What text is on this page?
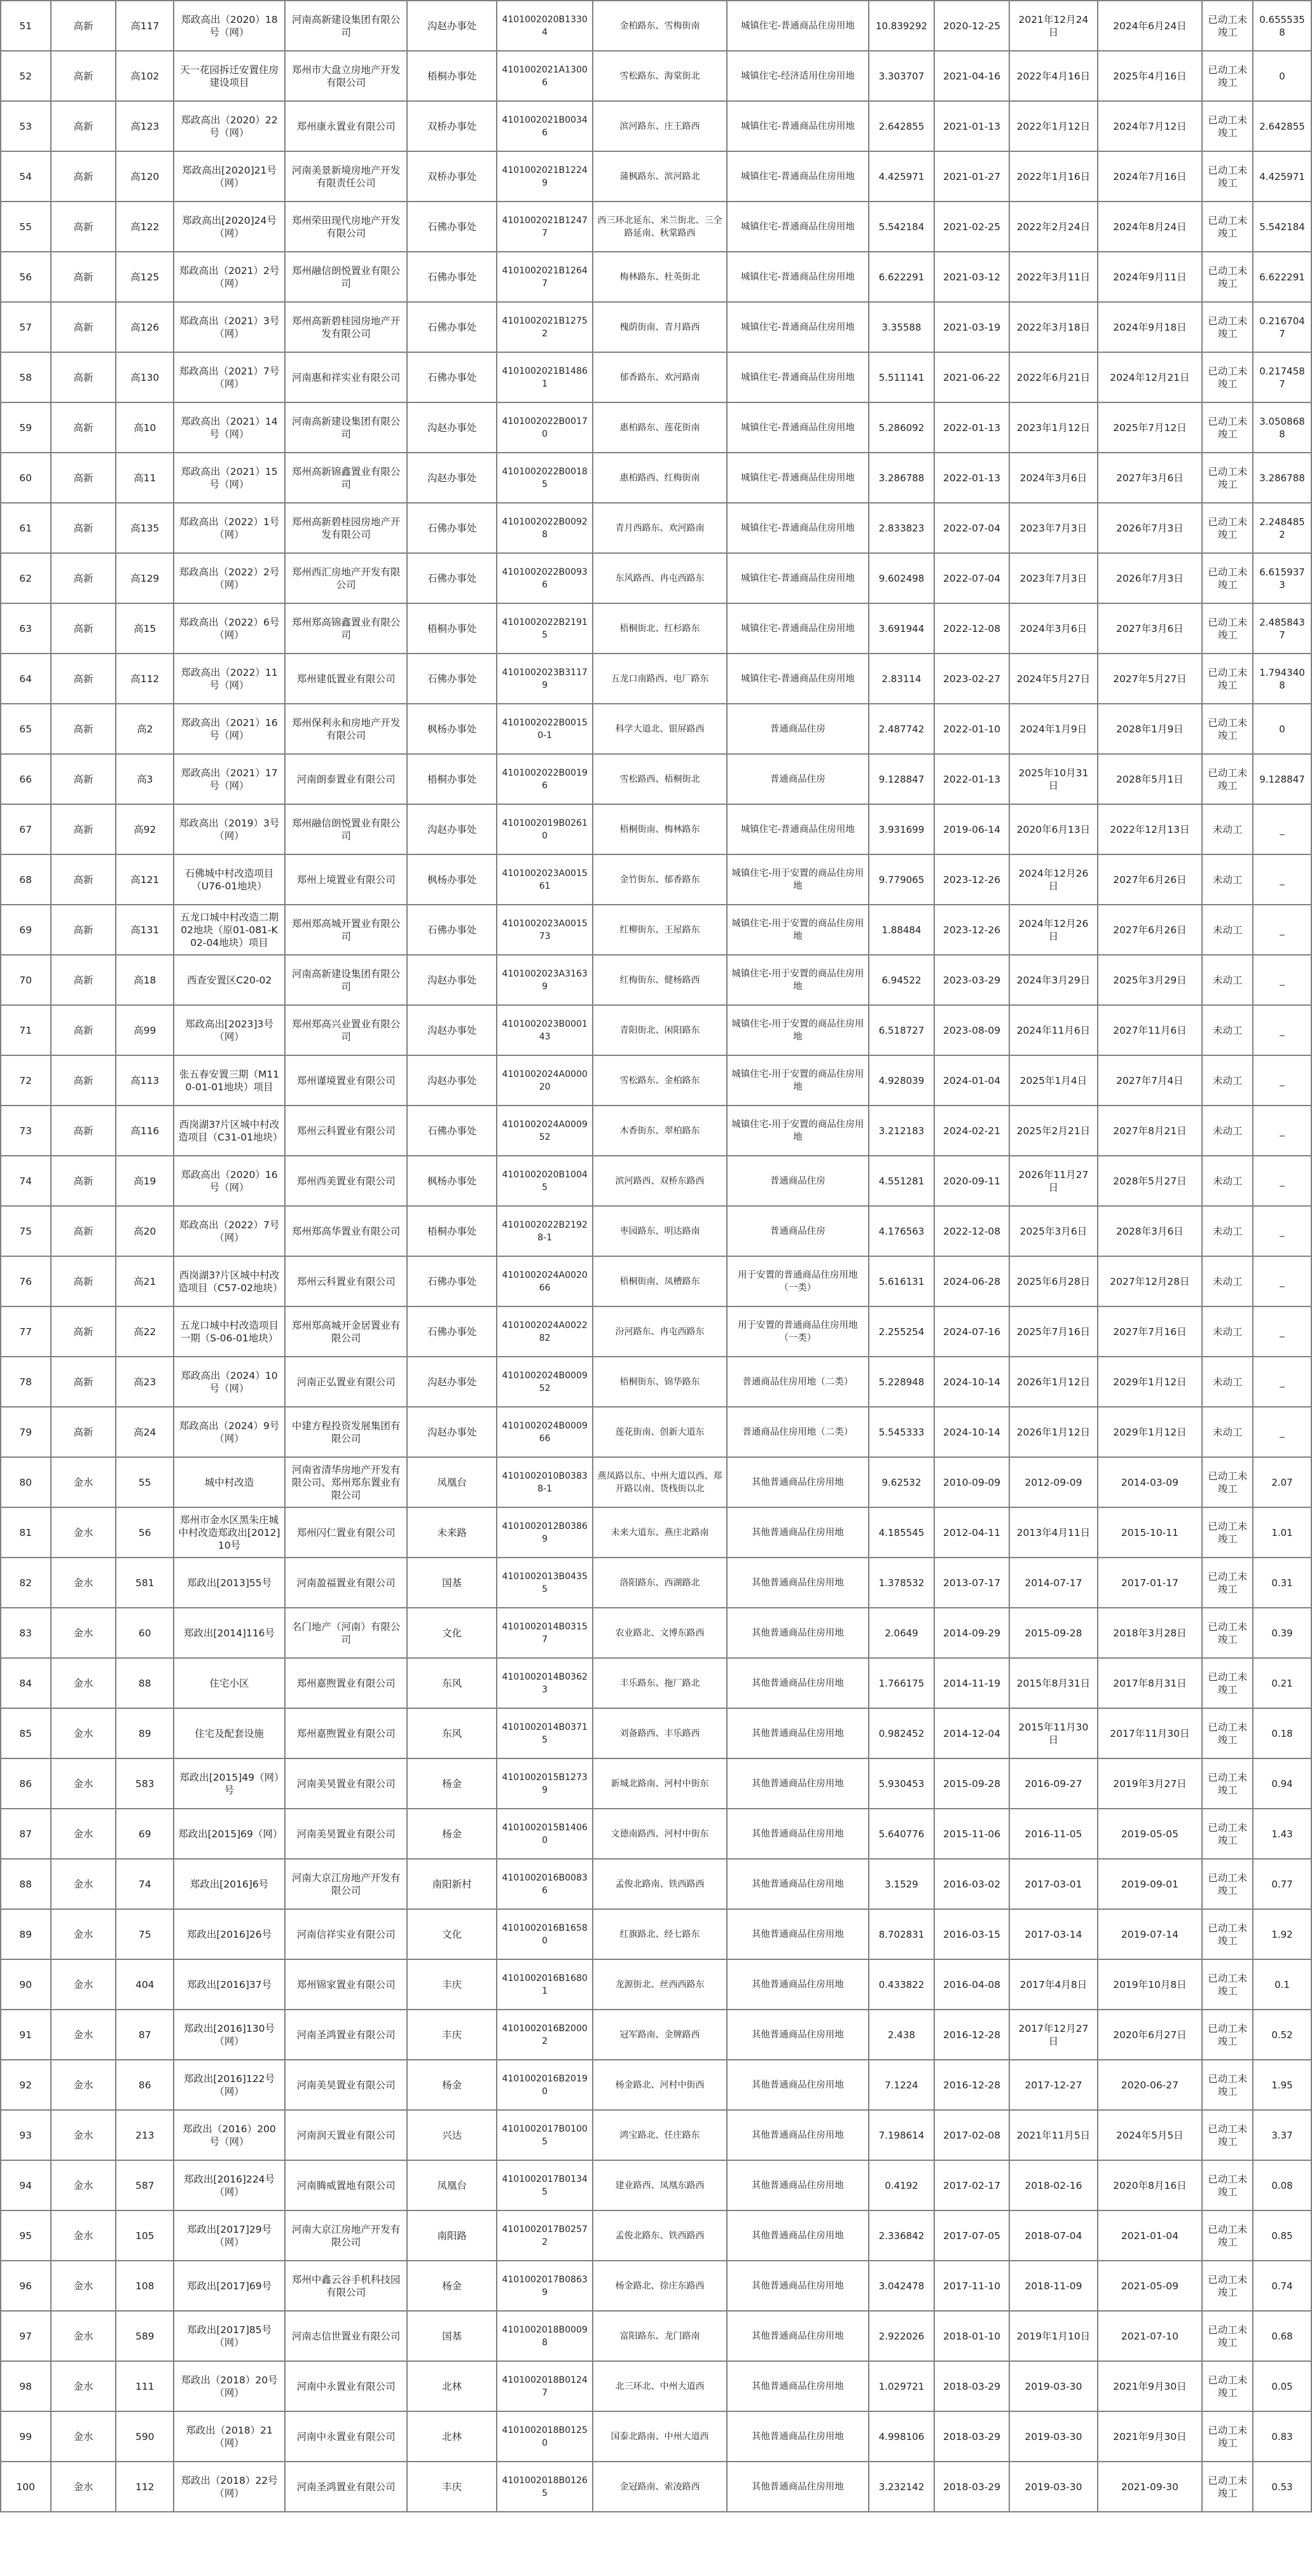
51	高新	高117	郑政高出（2020）18号（网）	河南高新建设集团有限公司	沟赵办事处	410100202​0B13304	金柏路东、雪梅街南	城镇住宅-普通商品住房用地	10.839292	2020-12-25	2021年12月24日	2024年6月24日	已动工未竣工	0.6555358
52	高新	高102	天一花园拆迁安置住房建设项目	郑州市大盘立房地产开发有限公司	梧桐办事处	410100202​1A13006	雪松路东、海棠街北	城镇住宅-经济适用住房用地	3.303707	2021-04-16	2022年4月16日	2025年4月16日	已动工未竣工	0
53	高新	高123	郑政高出（2020）22号（网）	郑州康永置业有限公司	双桥办事处	410100202​1B00346	滨河路东、庄王路西	城镇住宅-普通商品住房用地	2.642855	2021-01-13	2022年1月12日	2024年7月12日	已动工未竣工	2.642855
54	高新	高120	郑政高出[2020]21号（网）	河南美景新境房地产开发有限责任公司	双桥办事处	410100202​1B12249	蒲枫路东、滨河路北	城镇住宅-普通商品住房用地	4.425971	2021-01-27	2022年1月16日	2024年7月16日	已动工未竣工	4.425971
55	高新	高122	郑政高出[2020]24号（网）	郑州荣田现代房地产开发有限公司	石佛办事处	410100202​1B12477	西三环北延东、米兰街北、三全路延南、秋棠路西	城镇住宅-普通商品住房用地	5.542184	2021-02-25	2022年2月24日	2024年8月24日	已动工未竣工	5.542184
56	高新	高125	郑政高出（2021）2号（网）	郑州融信朗悦置业有限公司	石佛办事处	410100202​1B12647	梅林路东、杜英街北	城镇住宅-普通商品住房用地	6.622291	2021-03-12	2022年3月11日	2024年9月11日	已动工未竣工	6.622291
57	高新	高126	郑政高出（2021）3号（网）	郑州高新碧桂园房地产开发有限公司	石佛办事处	410100202​1B12752	槐荫街南、青月路西	城镇住宅-普通商品住房用地	3.35588	2021-03-19	2022年3月18日	2024年9月18日	已动工未竣工	0.2167047
58	高新	高130	郑政高出（2021）7号（网）	河南惠和祥实业有限公司	石佛办事处	410100202​1B14861	郁香路东、欢河路南	城镇住宅-普通商品住房用地	5.511141	2021-06-22	2022年6月21日	2024年12月21日	已动工未竣工	0.2174587
59	高新	高10	郑政高出（2021）14号（网）	河南高新建设集团有限公司	沟赵办事处	410100202​2B00170	惠柏路东、莲花街南	城镇住宅-普通商品住房用地	5.286092	2022-01-13	2023年1月12日	2025年7月12日	已动工未竣工	3.0508688
60	高新	高11	郑政高出（2021）15号（网）	郑州高新锦鑫置业有限公司	沟赵办事处	410100202​2B00185	惠柏路西、红梅街南	城镇住宅-普通商品住房用地	3.286788	2022-01-13	2024年3月6日	2027年3月6日	已动工未竣工	3.286788
61	高新	高135	郑政高出（2022）1号（网）	郑州高新碧桂园房地产开发有限公司	石佛办事处	410100202​2B00928	青月西路东、欢河路南	城镇住宅-普通商品住房用地	2.833823	2022-07-04	2023年7月3日	2026年7月3日	已动工未竣工	2.2484852
62	高新	高129	郑政高出（2022）2号（网）	郑州西汇房地产开发有限公司	石佛办事处	410100202​2B00936	东风路西、冉屯西路东	城镇住宅-普通商品住房用地	9.602498	2022-07-04	2023年7月3日	2026年7月3日	已动工未竣工	6.6159373
63	高新	高15	郑政高出（2022）6号（网）	郑州郑高锦鑫置业有限公司	梧桐办事处	410100202​2B21915	梧桐街北、红杉路东	城镇住宅-普通商品住房用地	3.691944	2022-12-08	2024年3月6日	2027年3月6日	已动工未竣工	2.4858437
64	高新	高112	郑政高出（2022）11号（网）	郑州建低置业有限公司	石佛办事处	410100202​3B31179	五龙口南路西、电厂路东	城镇住宅-普通商品住房用地	2.83114	2023-02-27	2024年5月27日	2027年5月27日	已动工未竣工	1.7943408
65	高新	高2	郑政高出（2021）16号（网）	郑州保利永和房地产开发有限公司	枫杨办事处	410100202​2B00150-1	科学大道北、银屏路西	普通商品住房	2.487742	2022-01-10	2024年1月9日	2028年1月9日	已动工未竣工	0
66	高新	高3	郑政高出（2021）17号（网）	河南朗泰置业有限公司	梧桐办事处	410100202​2B00196	雪松路西、梧桐街北	普通商品住房	9.128847	2022-01-13	2025年10月31日	2028年5月1日	已动工未竣工	9.128847
67	高新	高92	郑政高出（2019）3号（网）	郑州融信朗悦置业有限公司	沟赵办事处	410100201​9B02610	梧桐街南、梅林路东	城镇住宅-普通商品住房用地	3.931699	2019-06-14	2020年6月13日	2022年12月13日	未动工	_
68	高新	高121	石佛城中村改造项目（U76-01地块）	郑州上境置业有限公司	枫杨办事处	410100202​3A001561	金竹街东、郁香路东	城镇住宅-用于安置的商品住房用地	9.779065	2023-12-26	2024年12月26日	2027年6月26日	未动工	_
69	高新	高131	五龙口城中村改造二期02地块（原01-081-K02-04地块）项目	郑州郑高城开置业有限公司	石佛办事处	410100202​3A001573	红柳街东、王屋路东	城镇住宅-用于安置的商品住房用地	1.88484	2023-12-26	2024年12月26日	2027年6月26日	未动工	_
70	高新	高18	西查安置区C20-02	河南高新建设集团有限公司	沟赵办事处	410100202​3A31639	红梅街东、健杨路西	城镇住宅-用于安置的商品住房用地	6.94522	2023-03-29	2024年3月29日	2025年3月29日	未动工	_
71	高新	高99	郑政高出[2023]3号（网）	郑州郑高兴业置业有限公司	沟赵办事处	410100202​3B000143	青阳街北、闲阳路东	城镇住宅-用于安置的商品住房用地	6.518727	2023-08-09	2024年11月6日	2027年11月6日	未动工	_
72	高新	高113	张五春安置三期（M110-01-01地块）项目	郑州谨境置业有限公司	沟赵办事处	410100202​4A000020	雪松路东、金柏路东	城镇住宅-用于安置的商品住房用地	4.928039	2024-01-04	2025年1月4日	2027年7月4日	未动工	_
73	高新	高116	西岗湖3?片区城中村改造项目（C31-01地块）	郑州云科置业有限公司	石佛办事处	410100202​4A000952	木香街东、翠柏路东	城镇住宅-用于安置的商品住房用地	3.212183	2024-02-21	2025年2月21日	2027年8月21日	未动工	_
74	高新	高19	郑政高出（2020）16号（网）	郑州西美置业有限公司	枫杨办事处	410100202​0B10045	滨河路西、双桥东路西	普通商品住房	4.551281	2020-09-11	2026年11月27日	2028年5月27日	未动工	_
75	高新	高20	郑政高出（2022）7号（网）	郑州郑高华置业有限公司	梧桐办事处	410100202​2B21928-1	枣园路东、明达路南	普通商品住房	4.176563	2022-12-08	2025年3月6日	2028年3月6日	未动工	_
76	高新	高21	西岗湖3?片区城中村改造项目（C57-02地块）	郑州云科置业有限公司	石佛办事处	410100202​4A002066	梧桐街南、凤槽路东	用于安置的普通商品住房用地（一类）	5.616131	2024-06-28	2025年6月28日	2027年12月28日	未动工	_
77	高新	高22	五龙口城中村改造项目一期（S-06-01地块）	郑州郑高城开金居置业有限公司	石佛办事处	410100202​4A002282	汾河路东、冉屯西路东	用于安置的普通商品住房用地（一类）	2.255254	2024-07-16	2025年7月16日	2027年7月16日	未动工	_
78	高新	高23	郑政高出（2024）10号（网）	河南正弘置业有限公司	沟赵办事处	410100202​4B000952	梧桐街东、锦华路东	普通商品住房用地（二类）	5.228948	2024-10-14	2026年1月12日	2029年1月12日	未动工	_
79	高新	高24	郑政高出（2024）9号（网）	中建方程投资发展集团有限公司	沟赵办事处	410100202​4B000966	莲花街南、创新大道东	普通商品住房用地（二类）	5.545333	2024-10-14	2026年1月12日	2029年1月12日	未动工	_
80	金水	55	城中村改造	河南省清华房地产开发有限公司、郑州郑东置业有限公司	凤凰台	410100201​0B03838-1	燕凤路以东、中州大道以西、郑开路以南、货栈街以北	其他普通商品住房用地	9.62532	2010-09-09	2012-09-09	2014-03-09	已动工未竣工	2.07
81	金水	56	郑州市金水区黑朱庄城中村改造郑政出[2012]10号	郑州闪仁置业有限公司	未来路	410100201​2B03869	未来大道东、燕庄北路南	其他普通商品住房用地	4.185545	2012-04-11	2013年4月11日	2015-10-11	已动工未竣工	1.01
82	金水	581	郑政出[2013]55号	河南盈福置业有限公司	国基	410100201​3B04355	洛阳路东、西湖路北	其他普通商品住房用地	1.378532	2013-07-17	2014-07-17	2017-01-17	已动工未竣工	0.31
83	金水	60	郑政出[2014]116号	名门地产（河南）有限公司	文化	410100201​4B03157	农业路北、文博东路西	其他普通商品住房用地	2.0649	2014-09-29	2015-09-28	2018年3月28日	已动工未竣工	0.39
84	金水	88	住宅小区	郑州嘉煦置业有限公司	东风	410100201​4B03623	丰乐路东、拖厂路北	其他普通商品住房用地	1.766175	2014-11-19	2015年8月31日	2017年8月31日	已动工未竣工	0.21
85	金水	89	住宅及配套设施	郑州嘉煦置业有限公司	东风	410100201​4B03715	刘备路西、丰乐路西	其他普通商品住房用地	0.982452	2014-12-04	2015年11月30日	2017年11月30日	已动工未竣工	0.18
86	金水	583	郑政出[2015]49（网）号	河南美昊置业有限公司	杨金	410100201​5B12739	新城北路南、河村中街东	其他普通商品住房用地	5.930453	2015-09-28	2016-09-27	2019年3月27日	已动工未竣工	0.94
87	金水	69	郑政出[2015]69（网）	河南美昊置业有限公司	杨金	410100201​5B14060	文德南路西、河村中街东	其他普通商品住房用地	5.640776	2015-11-06	2016-11-05	2019-05-05	已动工未竣工	1.43
88	金水	74	郑政出[2016]6号	河南大京江房地产开发有限公司	南阳新村	410100201​6B00836	孟俊北路南、铁西路西	其他普通商品住房用地	3.1529	2016-03-02	2017-03-01	2019-09-01	已动工未竣工	0.77
89	金水	75	郑政出[2016]26号	河南信祥实业有限公司	文化	410100201​6B16580	红旗路北、经七路东	其他普通商品住房用地	8.702831	2016-03-15	2017-03-14	2019-07-14	已动工未竣工	1.92
90	金水	404	郑政出[2016]37号	郑州锦家置业有限公司	丰庆	410100201​6B16801	龙源街北、丝西西路东	其他普通商品住房用地	0.433822	2016-04-08	2017年4月8日	2019年10月8日	已动工未竣工	0.1
91	金水	87	郑政出[2016]130号（网）	河南圣鸿置业有限公司	丰庆	410100201​6B20002	冠军路南、金牌路西	其他普通商品住房用地	2.438	2016-12-28	2017年12月27日	2020年6月27日	已动工未竣工	0.52
92	金水	86	郑政出[2016]122号（网）	河南美昊置业有限公司	杨金	410100201​6B20190	杨金路北、河村中街西	其他普通商品住房用地	7.1224	2016-12-28	2017-12-27	2020-06-27	已动工未竣工	1.95
93	金水	213	郑政出（2016）200号（网）	河南润天置业有限公司	兴达	410100201​7B01005	鸿宝路北、任庄路东	其他普通商品住房用地	7.198614	2017-02-08	2021年11月5日	2024年5月5日	已动工未竣工	3.37
94	金水	587	郑政出[2016]224号（网）	河南腾威置地有限公司	凤凰台	410100201​7B01345	建业路西、凤凰东路西	其他普通商品住房用地	0.4192	2017-02-17	2018-02-16	2020年8月16日	已动工未竣工	0.08
95	金水	105	郑政出[2017]29号（网）	河南大京江房地产开发有限公司	南阳路	410100201​7B02572	孟俊北路东、铁西路西	其他普通商品住房用地	2.336842	2017-07-05	2018-07-04	2021-01-04	已动工未竣工	0.85
96	金水	108	郑政出[2017]69号	郑州中鑫云谷手机科技园有限公司	杨金	410100201​7B08639	杨金路北、徐庄东路西	其他普通商品住房用地	3.042478	2017-11-10	2018-11-09	2021-05-09	已动工未竣工	0.74
97	金水	589	郑政出[2017]85号（网）	河南志信世置业有限公司	国基	410100201​8B00098	富阳路东、龙门路南	其他普通商品住房用地	2.922026	2018-01-10	2019年1月10日	2021-07-10	已动工未竣工	0.68
98	金水	111	郑政出（2018）20号（网）	河南中永置业有限公司	北林	410100201​8B01247	北三环北、中州大道西	其他普通商品住房用地	1.029721	2018-03-29	2019-03-30	2021年9月30日	已动工未竣工	0.05
99	金水	590	郑政出（2018）21（网）	河南中永置业有限公司	北林	410100201​8B01250	国泰北路南、中州大道西	其他普通商品住房用地	4.998106	2018-03-29	2019-03-30	2021年9月30日	已动工未竣工	0.83
100	金水	112	郑政出（2018）22号（网）	河南圣鸿置业有限公司	丰庆	410100201​8B01265	金冠路南、索凌路西	其他普通商品住房用地	3.232142	2018-03-29	2019-03-30	2021-09-30	已动工未竣工	0.53
